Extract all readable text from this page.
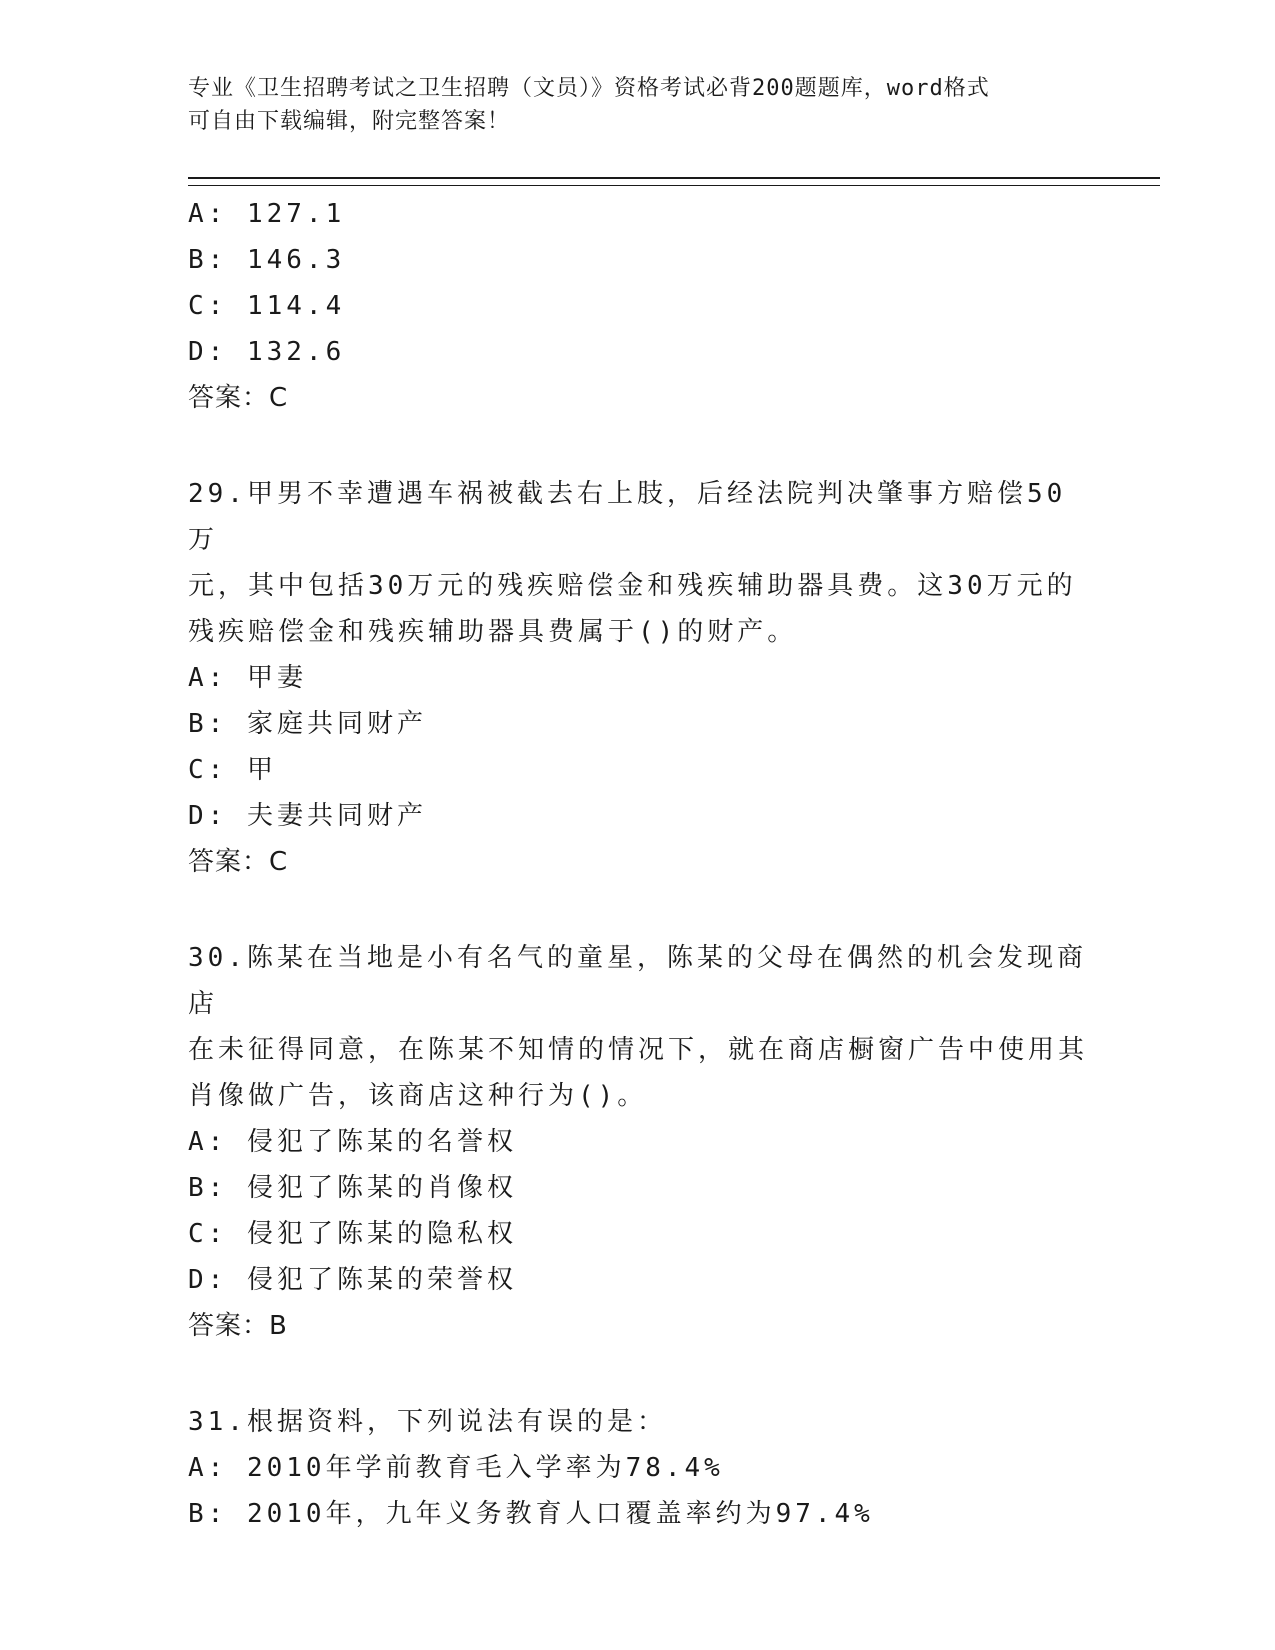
专业《卫生招聘考试之卫生招聘（文员）》资格考试必背200题题库，word格式
可自由下载编辑，附完整答案！
A: 127.1
B: 146.3
C: 114.4
D: 132.6
答案：C
29.甲男不幸遭遇车祸被截去右上肢，后经法院判决肇事方赔偿50万
元，其中包括30万元的残疾赔偿金和残疾辅助器具费。这30万元的
残疾赔偿金和残疾辅助器具费属于()的财产。
A: 甲妻
B: 家庭共同财产
C: 甲
D: 夫妻共同财产
答案：C
30.陈某在当地是小有名气的童星，陈某的父母在偶然的机会发现商店
在未征得同意，在陈某不知情的情况下，就在商店橱窗广告中使用其
肖像做广告，该商店这种行为()。
A: 侵犯了陈某的名誉权
B: 侵犯了陈某的肖像权
C: 侵犯了陈某的隐私权
D: 侵犯了陈某的荣誉权
答案：B
31.根据资料，下列说法有误的是：
A: 2010年学前教育毛入学率为78.4%
B: 2010年，九年义务教育人口覆盖率约为97.4%
